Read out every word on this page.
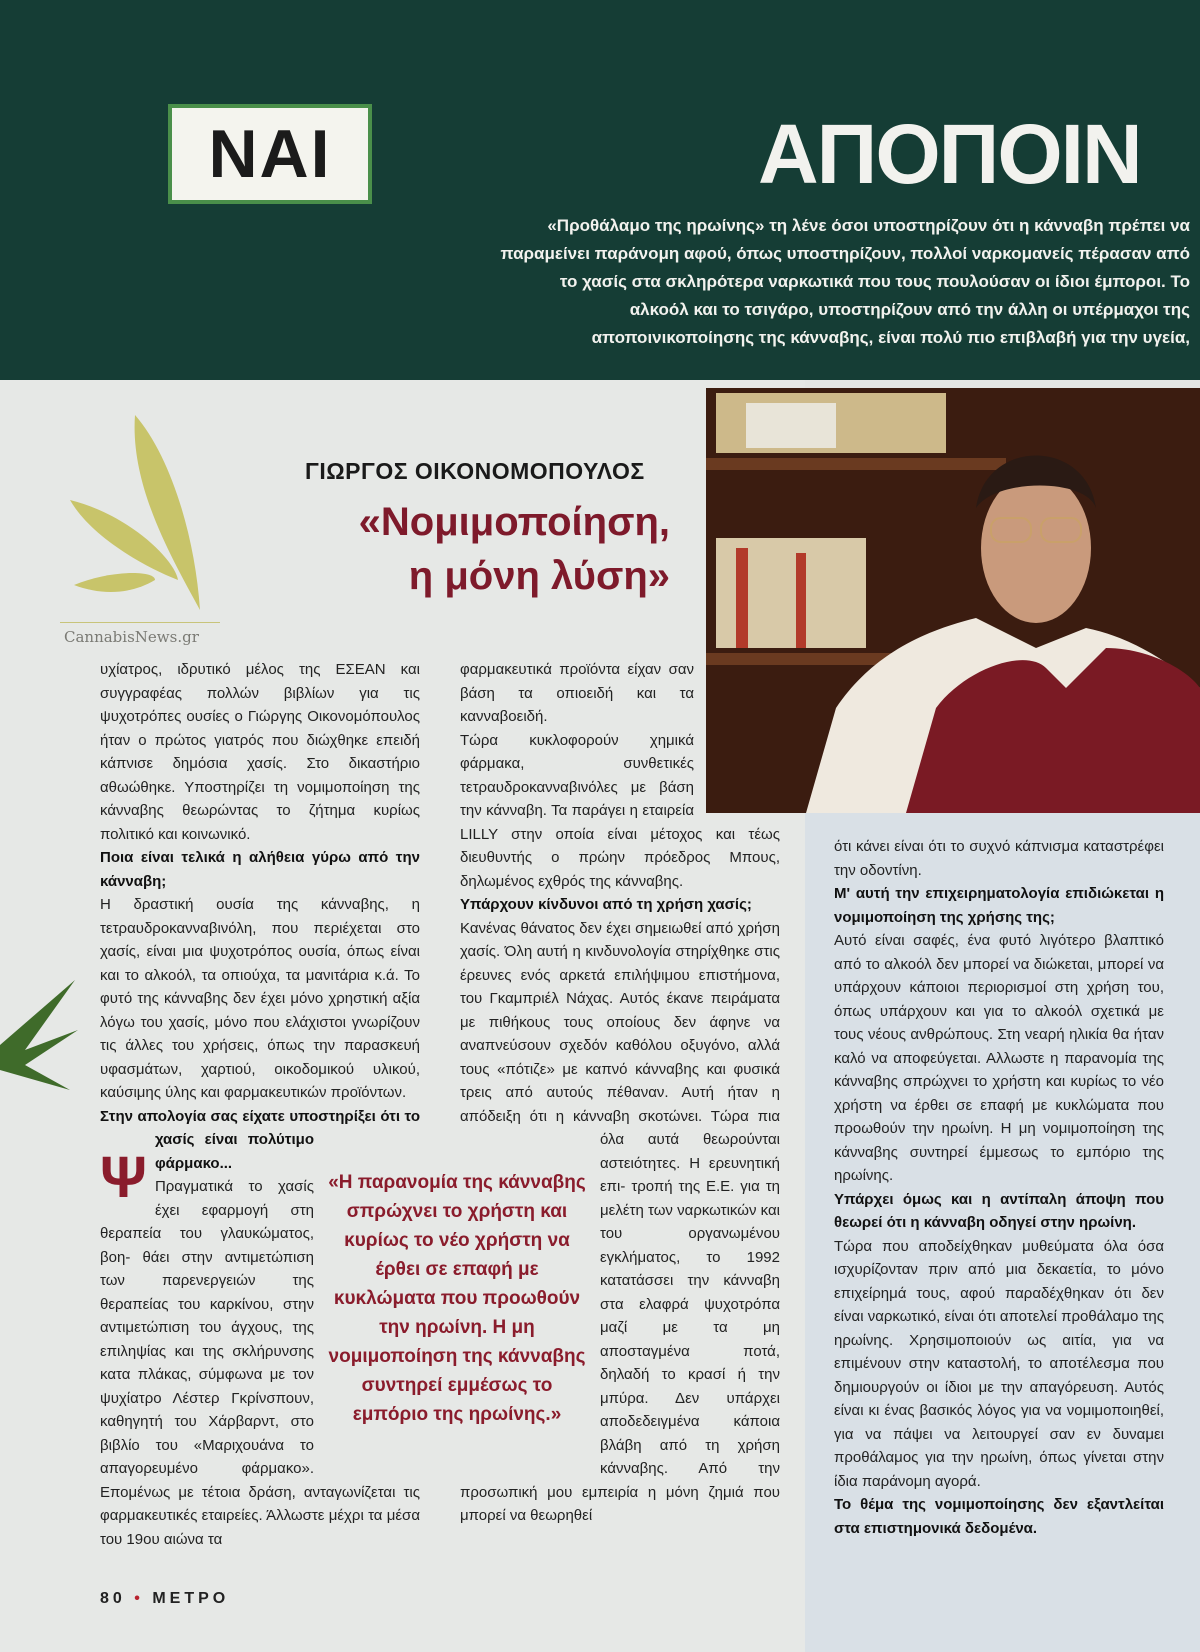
ΝΑΙ	ΑΠΟΠΟΙΝ
«Προθάλαμο της ηρωίνης» τη λένε όσοι υποστηρίζουν ότι η κάνναβη πρέπει να παραμείνει παράνομη αφού, όπως υποστηρίζουν, πολλοί ναρκομανείς πέρασαν από το χασίς στα σκληρότερα ναρκωτικά που τους πουλούσαν οι ίδιοι έμποροι. Το αλκοόλ και το τσιγάρο, υποστηρίζουν από την άλλη οι υπέρμαχοι της αποποινικοποίησης της κάνναβης, είναι πολύ πιο επιβλαβή για την υγεία,
CannabisNews.gr
ΓΙΩΡΓΟΣ ΟΙΚΟΝΟΜΟΠΟΥΛΟΣ
«Νομιμοποίηση,
η μόνη λύση»
Ψ

υχίατρος, ιδρυτικό μέλος της ΕΣΕΑΝ και συγγραφέας πολλών βιβλίων για τις ψυχοτρόπες ουσίες ο Γιώργης Οικονομόπουλος ήταν ο πρώτος γιατρός που διώχθηκε επειδή κάπνισε δημόσια χασίς. Στο δικαστήριο αθωώθηκε. Υποστηρίζει τη νομιμοποίηση της κάνναβης θεωρώντας το ζήτημα κυρίως πολιτικό και κοινωνικό.

Ποια είναι τελικά η αλήθεια γύρω από την κάνναβη;

Η δραστική ουσία της κάνναβης, η τετραυδροκανναβινόλη, που περιέχεται στο χασίς, είναι μια ψυχοτρόπος ουσία, όπως είναι και το αλκοόλ, τα οπιούχα, τα μανιτάρια κ.ά. Το φυτό της κάνναβης δεν έχει μόνο χρηστική αξία λόγω του χασίς, μόνο που ελάχιστοι γνωρίζουν τις άλλες του χρήσεις, όπως την παρασκευή υφασμάτων, χαρτιού, οικοδομικού υλικού, καύσιμης ύλης και φαρμακευτικών προϊόντων.

Στην απολογία σας είχατε υποστηρίξει ότι το χασίς είναι πολύτιμο φάρμακο...

Πραγματικά το χασίς έχει εφαρμογή στη θεραπεία του γλαυκώματος, βοη- θάει στην αντιμετώπιση των παρενεργειών της θεραπείας του καρκίνου, στην αντιμετώπιση του άγχους, της επιληψίας και της σκλήρυνσης κατα πλάκας, σύμφωνα με τον ψυχίατρο Λέστερ Γκρίνσπουν, καθηγητή του Χάρβαρντ, στο βιβλίο του «Μαριχουάνα το απαγορευμένο φάρμακο». Επομένως με τέτοια δράση, ανταγωνίζεται τις φαρμακευτικές εταιρείες. Άλλωστε μέχρι τα μέσα του 19ου αιώνα τα

φαρμακευτικά προϊόντα είχαν σαν βάση τα οπιοειδή και τα κανναβοειδή.

Τώρα κυκλοφορούν χημικά φάρμακα, συνθετικές τετραυδροκανναβινόλες με βάση την κάνναβη. Τα παράγει η εταιρεία LILLY στην οποία είναι μέτοχος και τέως διευθυντής ο πρώην πρόεδρος Μπους, δηλωμένος εχθρός της κάνναβης.

Υπάρχουν κίνδυνοι από τη χρήση χασίς;

Κανένας θάνατος δεν έχει σημειωθεί από χρήση χασίς. Όλη αυτή η κινδυνολογία στηρίχθηκε στις έρευνες ενός αρκετά επιλήψιμου επιστήμονα, του Γκαμπριέλ Νάχας. Αυτός έκανε πειράματα με πιθήκους τους οποίους δεν άφηνε να αναπνεύσουν σχεδόν καθόλου οξυγόνο, αλλά τους «πότιζε» με καπνό κάνναβης και φυσικά τρεις από αυτούς πέθαναν. Αυτή ήταν η απόδειξη ότι η κάνναβη σκοτώνει. Τώρα πια όλα αυτά θεωρούνται αστειότητες. Η ερευνητική επι- τροπή της Ε.Ε. για τη μελέτη των ναρκωτικών και του οργανωμένου εγκλήματος, το 1992 κατατάσσει την κάνναβη στα ελαφρά ψυχοτρόπα μαζί με τα μη αποσταγμένα ποτά, δηλαδή το κρασί ή την μπύρα. Δεν υπάρχει αποδεδειγμένα κάποια βλάβη από τη χρήση κάνναβης. Από την προσωπική μου εμπειρία η μόνη ζημιά που μπορεί να θεωρηθεί

ότι κάνει είναι ότι το συχνό κάπνισμα καταστρέφει την οδοντίνη.

Μ' αυτή την επιχειρηματολογία επιδιώκεται η νομιμοποίηση της χρήσης της;

Αυτό είναι σαφές, ένα φυτό λιγότερο βλαπτικό από το αλκοόλ δεν μπορεί να διώκεται, μπορεί να υπάρχουν κάποιοι περιορισμοί στη χρήση του, όπως υπάρχουν και για το αλκοόλ σχετικά με τους νέους ανθρώπους. Στη νεαρή ηλικία θα ήταν καλό να αποφεύγεται. Αλλωστε η παρανομία της κάνναβης σπρώχνει το χρήστη και κυρίως το νέο χρήστη να έρθει σε επαφή με κυκλώματα που προωθούν την ηρωίνη. Η μη νομιμοποίηση της κάνναβης συντηρεί έμμεσως το εμπόριο της ηρωίνης.

Υπάρχει όμως και η αντίπαλη άποψη που θεωρεί ότι η κάνναβη οδηγεί στην ηρωίνη.

Τώρα που αποδείχθηκαν μυθεύματα όλα όσα ισχυρίζονταν πριν από μια δεκαετία, το μόνο επιχείρημά τους, αφού παραδέχθηκαν ότι δεν είναι ναρκωτικό, είναι ότι αποτελεί προθάλαμο της ηρωίνης. Χρησιμοποιούν ως αιτία, για να επιμένουν στην καταστολή, το αποτέλεσμα που δημιουργούν οι ίδιοι με την απαγόρευση. Αυτός είναι κι ένας βασικός λόγος για να νομιμοποιηθεί, για να πάψει να λειτουργεί σαν εν δυναμει προθάλαμος για την ηρωίνη, όπως γίνεται στην ίδια παράνομη αγορά.

Το θέμα της νομιμοποίησης δεν εξαντλείται στα επιστημονικά δεδομένα.
«Η παρανομία της κάνναβης σπρώχνει το χρήστη και κυρίως το νέο χρήστη να έρθει σε επαφή με κυκλώματα που προωθούν την ηρωίνη. Η μη νομιμοποίηση της κάνναβης συντηρεί εμμέσως το εμπόριο της ηρωίνης.»
80 • ΜΕΤΡΟ
